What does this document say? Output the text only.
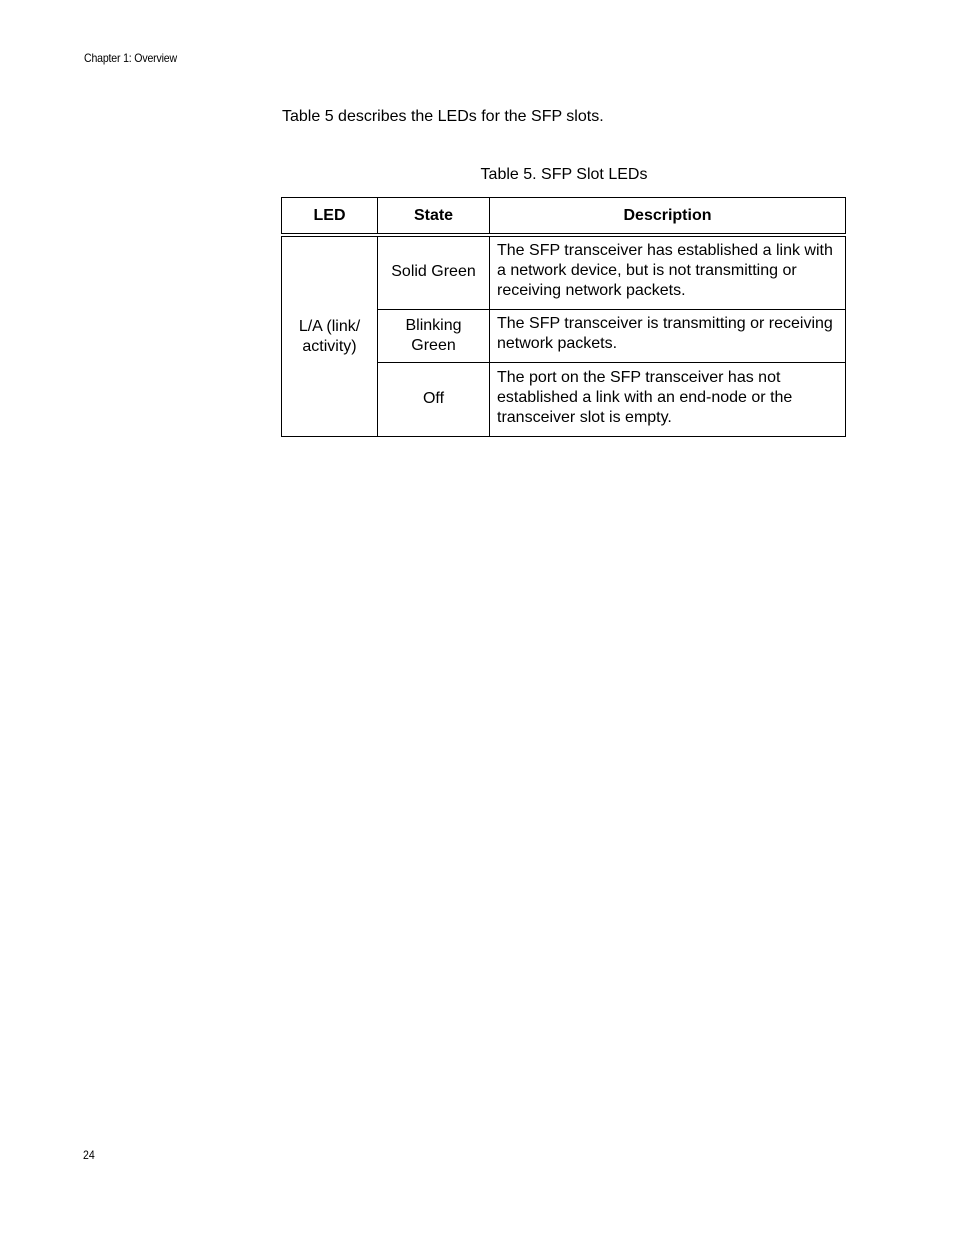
Chapter 1: Overview

Table 5 describes the LEDs for the SFP slots.

Table 5. SFP Slot LEDs
LED	State	Description
L/A (link/ activity)	Solid Green	The SFP transceiver has established a link with a network device, but is not transmitting or receiving network packets.
	Blinking Green	The SFP transceiver is transmitting or receiving network packets.
	Off	The port on the SFP transceiver has not established a link with an end-node or the transceiver slot is empty.
24
